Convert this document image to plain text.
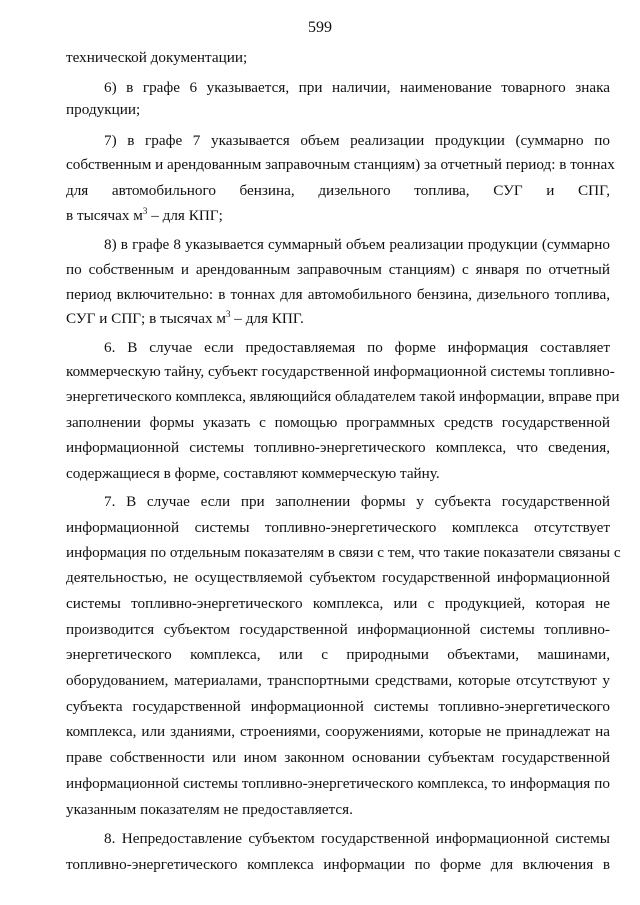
599
технической документации;
6) в графе 6 указывается, при наличии, наименование товарного знака
продукции;
7) в графе 7 указывается объем реализации продукции (суммарно по
собственным и арендованным заправочным станциям) за отчетный период: в тоннах
для автомобильного бензина, дизельного топлива, СУГ и СПГ,
в тысячах $м^3$ – для КПГ;
8) в графе 8 указывается суммарный объем реализации продукции (суммарно
по собственным и арендованным заправочным станциям) с января по отчетный
период включительно: в тоннах для автомобильного бензина, дизельного топлива,
СУГ и СПГ; в тысячах $м^3$ – для КПГ.
6. В случае если предоставляемая по форме информация составляет
коммерческую тайну, субъект государственной информационной системы топливно-
энергетического комплекса, являющийся обладателем такой информации, вправе при
заполнении формы указать с помощью программных средств государственной
информационной системы топливно-энергетического комплекса, что сведения,
содержащиеся в форме, составляют коммерческую тайну.
7. В случае если при заполнении формы у субъекта государственной
информационной системы топливно-энергетического комплекса отсутствует
информация по отдельным показателям в связи с тем, что такие показатели связаны с
деятельностью, не осуществляемой субъектом государственной информационной
системы топливно-энергетического комплекса, или с продукцией, которая не
производится субъектом государственной информационной системы топливно-
энергетического комплекса, или с природными объектами, машинами,
оборудованием, материалами, транспортными средствами, которые отсутствуют у
субъекта государственной информационной системы топливно-энергетического
комплекса, или зданиями, строениями, сооружениями, которые не принадлежат на
праве собственности или ином законном основании субъектам государственной
информационной системы топливно-энергетического комплекса, то информация по
указанным показателям не предоставляется.
8. Непредоставление субъектом государственной информационной системы
топливно-энергетического комплекса информации по форме для включения в
